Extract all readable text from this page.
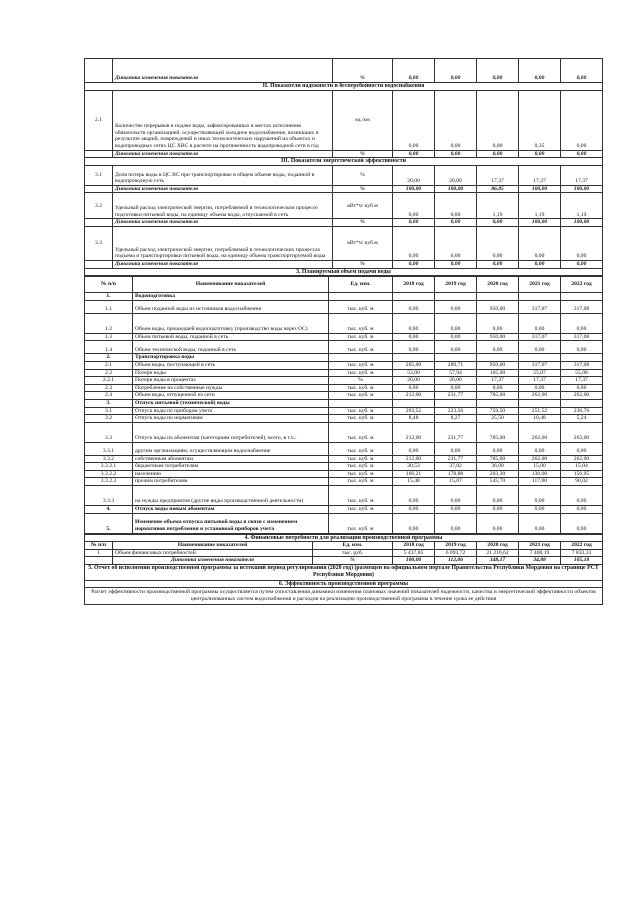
	Динамика изменения показателя	%	0,00	0,00	0,00	0,00	0,00
II. Показатели надежности и бесперебойности водоснабжения							
2.1	Количество перерывов в подаче воды, зафиксированных в местах исполнения обязательств организацией, осуществляющей холодное водоснабжение, возникших в результате аварий, повреждений и иных технологических нарушений на объектах и водопроводных сетях ЦС ХВС в расчете на протяженность водопроводной сети в год	ед./км	0,00	0,00	0,00	0,35	0,00
	Динамика изменения показателя	%	0,00	0,00	0,00	0,00	0,00
III. Показатели энергетической эффективности							
3.1	Доля потерь воды в ЦС ВС при транспортировке в общем объеме воды, поданной в водопроводную сеть	%	20,00	20,00	17,37	17,37	17,37
	Динамика изменения показателя	%	100,00	100,00	86,85	100,00	100,00
3.2	Удельный расход электрической энергии, потребляемой в технологическом процессе подготовки питьевой воды, на единицу объема воды, отпускаемой в сеть	кВт*ч/ куб.м	0,00	0,00	1,19	1,19	1,19
	Динамика изменения показателя	%	0,00	0,00	0,00	100,00	100,00
3.3	Удельный расход электрической энергии, потребляемой в технологических процессах подъема и транспортировки питьевой воды, на единицу объема транспортируемой воды	кВт*ч/ куб.м	0,00	0,00	0,00	0,00	0,00
	Динамика изменения показателя	%	0,00	0,00	0,00	0,00	0,00
3. Планируемый объем подачи воды							
№ п/п	Наименование показателей	Ед. изм.	2018 год	2019 год	2020 год	2021 год	2022 год
1.	Водоподготовка						
1.1	Объем поданной воды из источников водоснабжения	тыс. куб. м	0,00	0,00	950,00	317,07	317,08
1.2	Объем воды, прошедшей водоподготовку (производство воды через ОС)	тыс. куб. м	0,00	0,00	0,00	0,00	0,00
1.3	Объем питьевой воды, поданной в сеть	тыс. куб. м	0,00	0,00	950,00	317,07	317,08
1.4	Объем технической воды, поданной в сеть	тыс. куб. м	0,00	0,00	0,00	0,00	0,00
2.	Транспортировка воды						
2.1	Объем воды, поступающей в сеть	тыс. куб. м	265,00	289,71	950,00	317,07	317,08
2.2	Потери воды	тыс. куб. м	53,00	57,94	165,00	55,07	55,08
2.2.1	Потери воды в процентах	%	20,00	20,00	17,37	17,37	17,37
2.3	Потребление на собственные нужды	тыс. куб. м	0,00	0,00	0,00	0,00	0,00
2.4	Объем воды, отпущенной из сети	тыс. куб. м	212,00	231,77	785,00	262,00	262,00
3.	Отпуск питьевой (технической) воды						
3.1	Отпуск воды по приборам учета	тыс. куб. м	203,52	223,50	759,50	251,52	236,76
3.2	Отпуск воды по нормативам	тыс. куб. м	8,48	8,27	25,50	10,48	5,24
3.3	Отпуск воды по абонентам (категориям потребителей), всего, в т.ч.:	тыс. куб. м	212,00	231,77	785,00	262,00	262,00
3.3.1	другим организациям, осуществляющим водоснабжение	тыс. куб. м	0,00	0,00	0,00	0,00	0,00
3.3.2	собственным абонентам	тыс. куб. м	212,00	231,77	785,00	262,00	262,00
3.3.2.1	бюджетным потребителям	тыс. куб. м	30,53	37,82	36,00	15,00	15,04
3.3.2.2	населению	тыс. куб. м	166,21	178,88	203,30	130,00	156,95
3.3.2.3	прочим потребителям	тыс. куб. м	15,48	15,07	545,70	117,00	90,02
3.3.3	на нужды предприятия (другие виды производственной деятельности)	тыс. куб. м	0,00	0,00	0,00	0,00	0,00
4.	Отпуск воды новым абонентам	тыс. куб. м	0,00	0,00	0,00	0,00	0,00
5.	Изменение объема отпуска питьевой воды в связи с изменением нормативов потребления и установкой приборов учета	тыс. куб. м	0,00	0,00	0,00	0,00	0,00
4. Финансовые потребности для реализации производственной программы							
№ п/п	Наименование показателей	Ед. изм.	2018 год	2019 год	2020 год	2021 год	2022 год
1	Объем финансовых потребностей	тыс. руб.	5 437,85	6 093,72	21 216,62	7 400,19	7 833,33
	Динамика изменения показателя	%	100,00	112,06	348,17	34,88	105,18
5. Отчет об исполнении производственной программы за истекший период регулирования (2020 год) (размещен на официальном портале Правительства Республики Мордовия на странице РСТ Республики Мордовия)							
6. Эффективность производственной программы							
Расчет эффективности производственной программы осуществляется путем сопоставления динамики изменения плановых значений показателей надежности, качества и энергетической эффективности объектов централизованных систем водоснабжения и расходов на реализацию производственной программы в течение срока ее действия							
